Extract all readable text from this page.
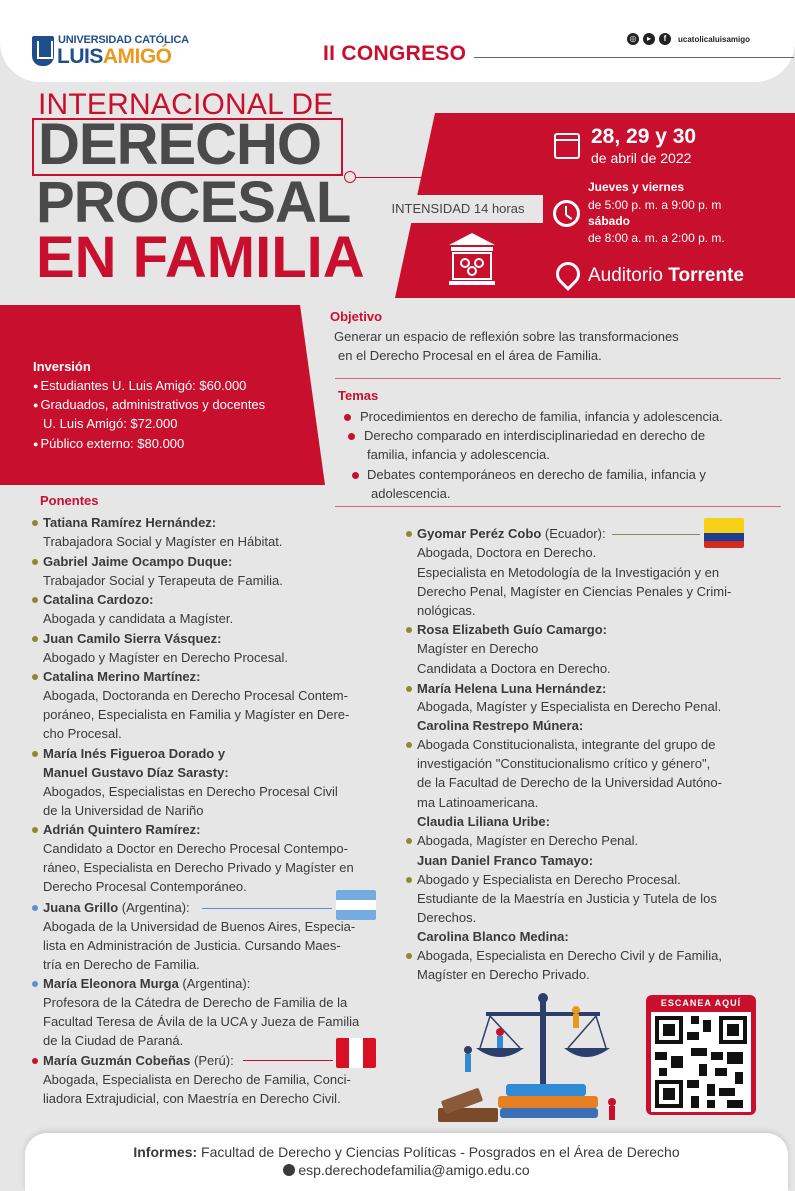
UNIVERSIDAD CATÓLICA
LUISAMIGÓ	II CONGRESO
◎	▸	f	ucatolicaluisamigo
INTERNACIONAL DE
DERECHO
PROCESAL
EN FAMILIA
INTENSIDAD 14 horas
28, 29 y 30
de abril de 2022
Jueves y viernes
de 5:00 p. m. a 9:00 p. m
sábado
de 8:00 a. m. a 2:00 p. m.
Auditorio Torrente
Inversión
● Estudiantes U. Luis Amigó: $60.000
● Graduados, administrativos y docentes
U. Luis Amigó: $72.000
● Público externo: $80.000
Objetivo
Generar un espacio de reflexión sobre las transformaciones
en el Derecho Procesal en el área de Familia.
Temas
Procedimientos en derecho de familia, infancia y adolescencia.
Derecho comparado en interdisciplinariedad en derecho de
familia, infancia y adolescencia.
Debates contemporáneos en derecho de familia, infancia y
adolescencia.
Ponentes
Tatiana Ramírez Hernández:
Trabajadora Social y Magíster en Hábitat.
Gabriel Jaime Ocampo Duque:
Trabajador Social y Terapeuta de Familia.
Catalina Cardozo:
Abogada y candidata a Magíster.
Juan Camilo Sierra Vásquez:
Abogado y Magíster en Derecho Procesal.
Catalina Merino Martínez:
Abogada, Doctoranda en Derecho Procesal Contem-
poráneo, Especialista en Familia y Magíster en Dere-
cho Procesal.
María Inés Figueroa Dorado y
Manuel Gustavo Díaz Sarasty:
Abogados, Especialistas en Derecho Procesal Civil
de la Universidad de Nariño
Adrián Quintero Ramírez:
Candidato a Doctor en Derecho Procesal Contempo-
ráneo, Especialista en Derecho Privado y Magíster en
Derecho Procesal Contemporáneo.
Juana Grillo (Argentina):
Abogada de la Universidad de Buenos Aires, Especia-
lista en Administración de Justicia. Cursando Maes-
tría en Derecho de Familia.
María Eleonora Murga (Argentina):
Profesora de la Cátedra de Derecho de Familia de la
Facultad Teresa de Ávila de la UCA y Jueza de Familia
de la Ciudad de Paraná.
María Guzmán Cobeñas (Perú):
Abogada, Especialista en Derecho de Familia, Conci-
liadora Extrajudicial, con Maestría en Derecho Civil.
Gyomar Peréz Cobo (Ecuador):
Abogada, Doctora en Derecho.
Especialista en Metodología de la Investigación y en
Derecho Penal, Magíster en Ciencias Penales y Crimi-
nológicas.
Rosa Elizabeth Guío Camargo:
Magíster en Derecho
Candidata a Doctora en Derecho.
María Helena Luna Hernández:
Abogada, Magíster y Especialista en Derecho Penal.
Carolina Restrepo Múnera:
Abogada Constitucionalista, integrante del grupo de
investigación "Constitucionalismo crítico y género",
de la Facultad de Derecho de la Universidad Autóno-
ma Latinoamericana.
Claudia Liliana Uribe:
Abogada, Magíster en Derecho Penal.
Juan Daniel Franco Tamayo:
Abogado y Especialista en Derecho Procesal.
Estudiante de la Maestría en Justicia y Tutela de los
Derechos.
Carolina Blanco Medina:
Abogada, Especialista en Derecho Civil y de Familia,
Magíster en Derecho Privado.
ESCANEA AQUÍ
Informes: Facultad de Derecho y Ciencias Políticas - Posgrados en el Área de Derecho
esp.derechodefamilia@amigo.edu.co
